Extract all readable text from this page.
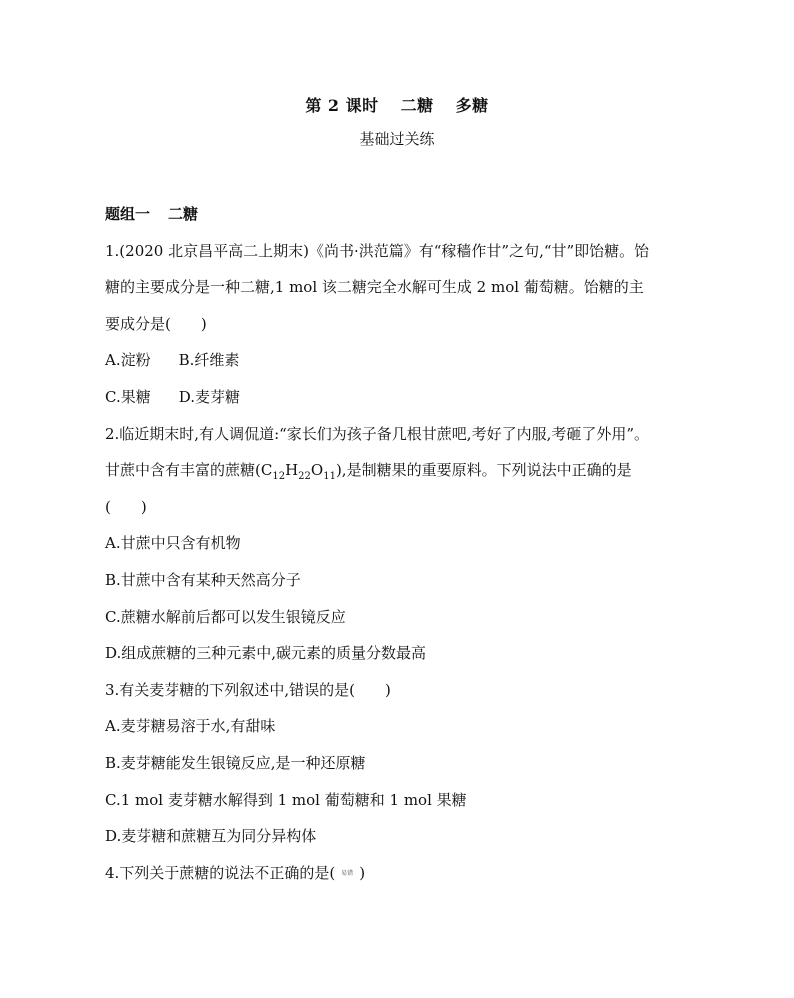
第 2 课时 二糖 多糖
基础过关练
题组一 二糖
1.(2020 北京昌平高二上期末)《尚书·洪范篇》有“稼穑作甘”之句,“甘”即饴糖。饴
糖的主要成分是一种二糖,1 mol 该二糖完全水解可生成 2 mol 葡萄糖。饴糖的主
要成分是( )
A.淀粉 B.纤维素
C.果糖 D.麦芽糖
2.临近期末时,有人调侃道:“家长们为孩子备几根甘蔗吧,考好了内服,考砸了外用”。
甘蔗中含有丰富的蔗糖$(C_{12}H_{22}O_{11})$,是制糖果的重要原料。下列说法中正确的是
( )
A.甘蔗中只含有机物
B.甘蔗中含有某种天然高分子
C.蔗糖水解前后都可以发生银镜反应
D.组成蔗糖的三种元素中,碳元素的质量分数最高
3.有关麦芽糖的下列叙述中,错误的是( )
A.麦芽糖易溶于水,有甜味
B.麦芽糖能发生银镜反应,是一种还原糖
C.1 mol 麦芽糖水解得到 1 mol 葡萄糖和 1 mol 果糖
D.麦芽糖和蔗糖互为同分异构体
4.下列关于蔗糖的说法不正确的是( 易错 )
